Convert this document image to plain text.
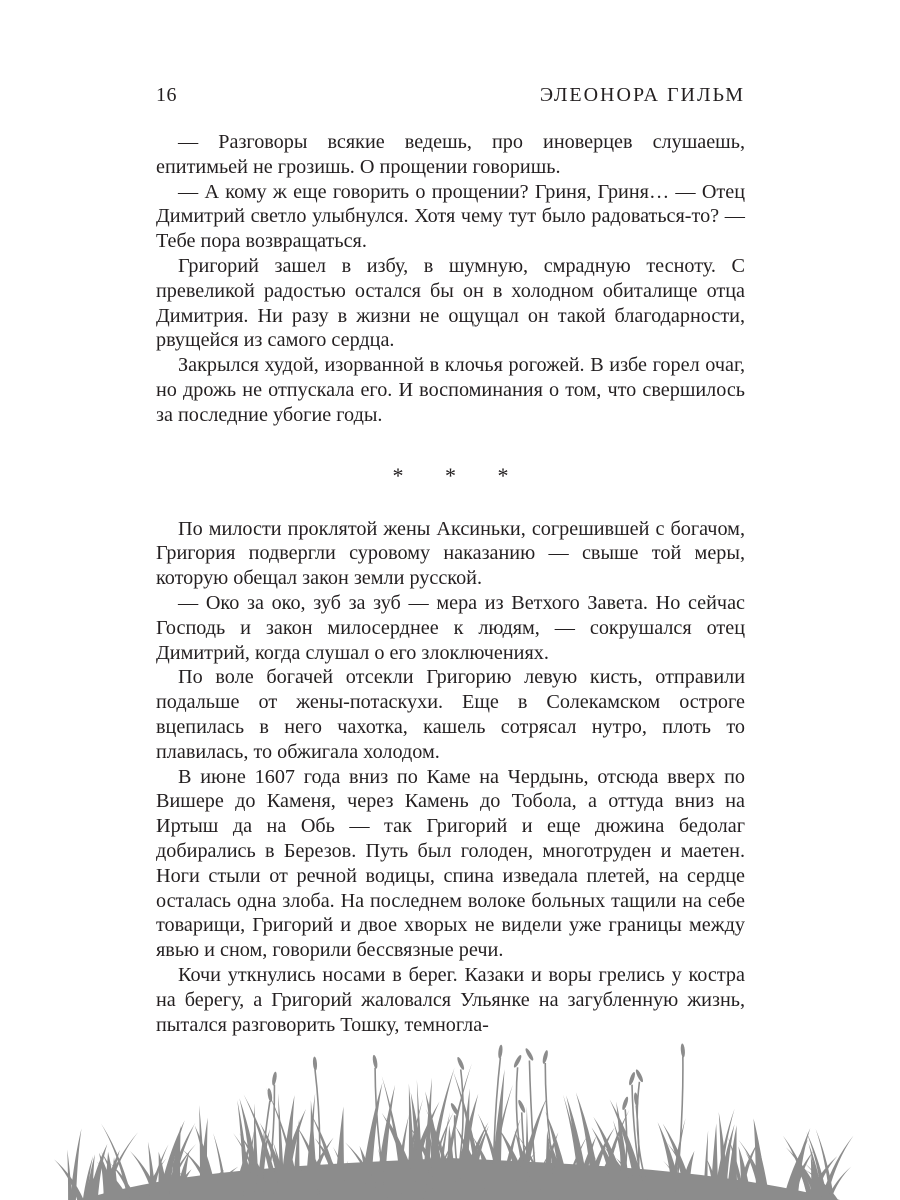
16	ЭЛЕОНОРА ГИЛЬМ

— Разговоры всякие ведешь, про иноверцев слушаешь, епитимьей не грозишь. О прощении говоришь.

— А кому ж еще говорить о прощении? Гриня, Гриня… — Отец Димитрий светло улыбнулся. Хотя чему тут было радоваться-то? — Тебе пора возвращаться.

Григорий зашел в избу, в шумную, смрадную тесноту. С превеликой радостью остался бы он в холодном обиталище отца Димитрия. Ни разу в жизни не ощущал он такой благодарности, рвущейся из самого сердца.

Закрылся худой, изорванной в клочья рогожей. В избе горел очаг, но дрожь не отпускала его. И воспоминания о том, что свершилось за последние убогие годы.

* * *

По милости проклятой жены Аксиньки, согрешившей с богачом, Григория подвергли суровому наказанию — свыше той меры, которую обещал закон земли русской.

— Око за око, зуб за зуб — мера из Ветхого Завета. Но сейчас Господь и закон милосерднее к людям, — сокрушался отец Димитрий, когда слушал о его злоключениях.

По воле богачей отсекли Григорию левую кисть, отправили подальше от жены-потаскухи. Еще в Солекамском остроге вцепилась в него чахотка, кашель сотрясал нутро, плоть то плавилась, то обжигала холодом.

В июне 1607 года вниз по Каме на Чердынь, отсюда вверх по Вишере до Каменя, через Камень до Тобола, а оттуда вниз на Иртыш да на Обь — так Григорий и еще дюжина бедолаг добирались в Березов. Путь был голоден, многотруден и маетен. Ноги стыли от речной водицы, спина изведала плетей, на сердце осталась одна злоба. На последнем волоке больных тащили на себе товарищи, Григорий и двое хворых не видели уже границы между явью и сном, говорили бессвязные речи.

Кочи уткнулись носами в берег. Казаки и воры грелись у костра на берегу, а Григорий жаловался Ульянке на загубленную жизнь, пытался разговорить Тошку, темногла-
